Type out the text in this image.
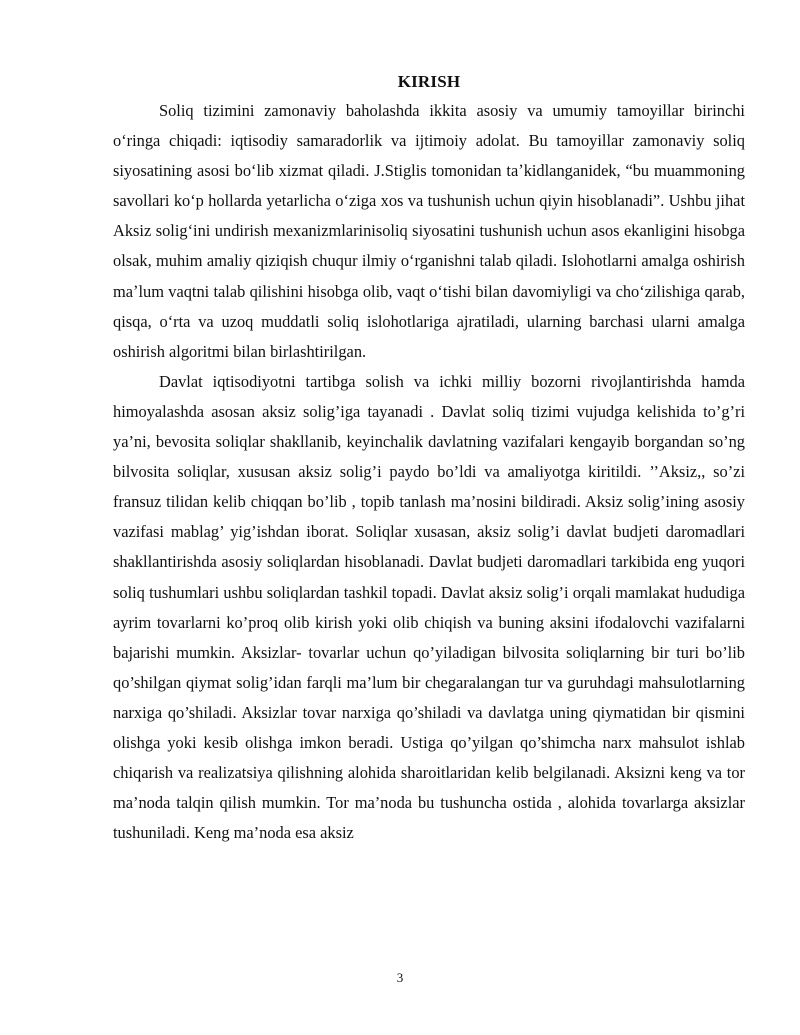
KIRISH

Soliq tizimini zamonaviy baholashda ikkita asosiy va umumiy tamoyillar birinchi oʻringa chiqadi: iqtisodiy samaradorlik va ijtimoiy adolat. Bu tamoyillar zamonaviy soliq siyosatining asosi boʻlib xizmat qiladi. J.Stiglis tomonidan taʼkidlanganidek, “bu muammoning savollari koʻp hollarda yetarlicha oʻziga xos va tushunish uchun qiyin hisoblanadi”. Ushbu jihat Aksiz soligʻini undirish mexanizmlarinisoliq siyosatini tushunish uchun asos ekanligini hisobga olsak, muhim amaliy qiziqish chuqur ilmiy oʻrganishni talab qiladi. Islohotlarni amalga oshirish maʼlum vaqtni talab qilishini hisobga olib, vaqt oʻtishi bilan davomiyligi va choʻzilishiga qarab, qisqa, oʻrta va uzoq muddatli soliq islohotlariga ajratiladi, ularning barchasi ularni amalga oshirish algoritmi bilan birlashtirilgan.

Davlat iqtisodiyotni tartibga solish va ichki milliy bozorni rivojlantirishda hamda himoyalashda asosan aksiz solig’iga tayanadi . Davlat soliq tizimi vujudga kelishida to’g’ri ya’ni, bevosita soliqlar shakllanib, keyinchalik davlatning vazifalari kengayib borgandan so’ng bilvosita soliqlar, xususan aksiz solig’i paydo bo’ldi va amaliyotga kiritildi. ’’Aksiz,, so’zi fransuz tilidan kelib chiqqan bo’lib , topib tanlash ma’nosini bildiradi. Aksiz solig’ining asosiy vazifasi mablag’ yig’ishdan iborat. Soliqlar xusasan, aksiz solig’i davlat budjeti daromadlari shakllantirishda asosiy soliqlardan hisoblanadi. Davlat budjeti daromadlari tarkibida eng yuqori soliq tushumlari ushbu soliqlardan tashkil topadi. Davlat aksiz solig’i orqali mamlakat hududiga ayrim tovarlarni ko’proq olib kirish yoki olib chiqish va buning aksini ifodalovchi vazifalarni bajarishi mumkin. Aksizlar- tovarlar uchun qo’yiladigan bilvosita soliqlarning bir turi bo’lib qo’shilgan qiymat solig’idan farqli ma’lum bir chegaralangan tur va guruhdagi mahsulotlarning narxiga qo’shiladi. Aksizlar tovar narxiga qo’shiladi va davlatga uning qiymatidan bir qismini olishga yoki kesib olishga imkon beradi. Ustiga qo’yilgan qo’shimcha narx mahsulot ishlab chiqarish va realizatsiya qilishning alohida sharoitlaridan kelib belgilanadi. Aksizni keng va tor ma’noda talqin qilish mumkin. Tor ma’noda bu tushuncha ostida , alohida tovarlarga aksizlar tushuniladi. Keng ma’noda esa aksiz

3
